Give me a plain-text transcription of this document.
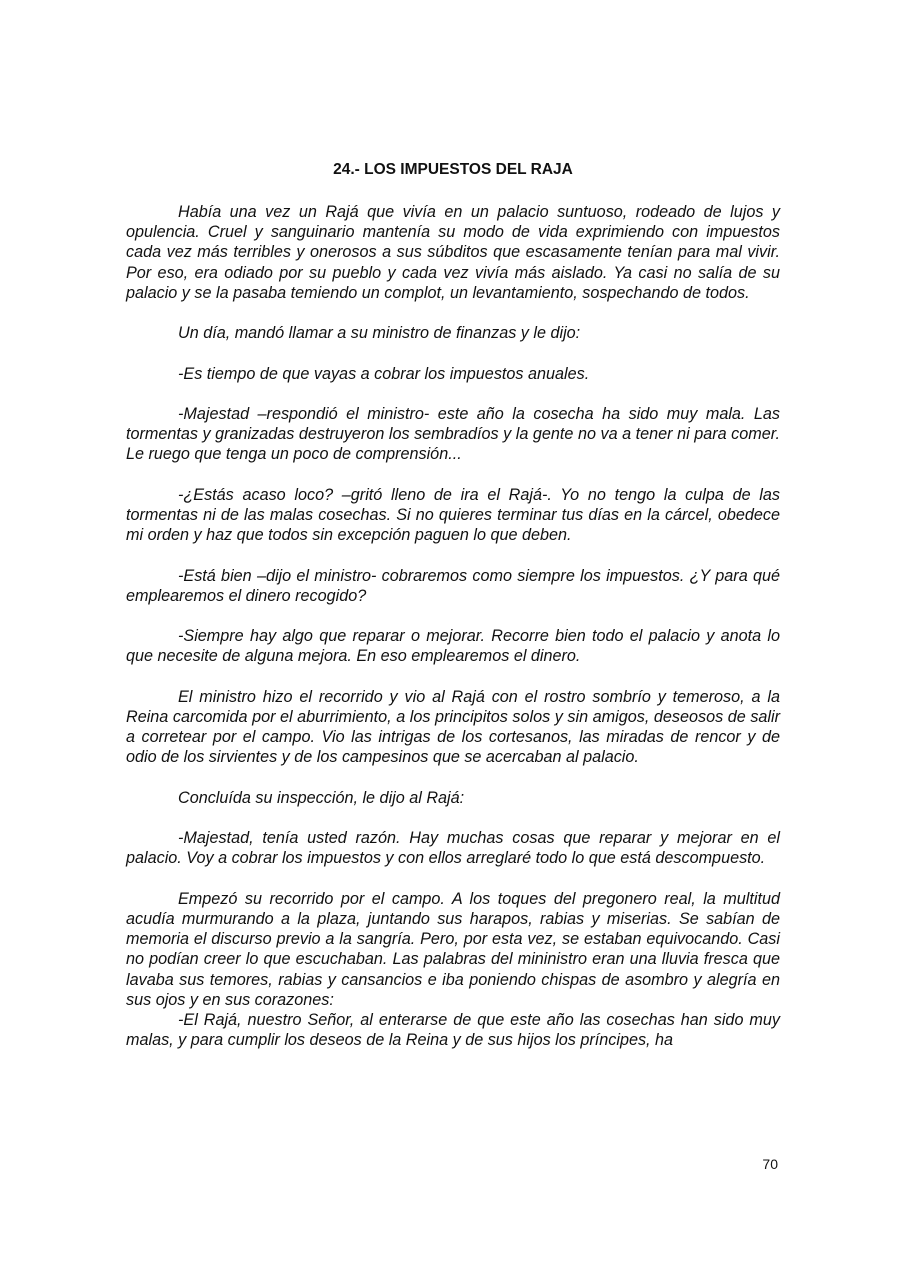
24.- LOS IMPUESTOS DEL RAJA

Había una vez un Rajá que vivía en un palacio suntuoso, rodeado de lujos y opulencia. Cruel y sanguinario mantenía su modo de vida exprimiendo con impuestos cada vez más terribles y onerosos a sus súbditos que escasamente tenían para mal vivir. Por eso, era odiado por su pueblo y cada vez vivía más aislado. Ya casi no salía de su palacio y se la pasaba temiendo un complot, un levantamiento, sospechando de todos.

Un día, mandó llamar a su ministro de finanzas y le dijo:

-Es tiempo de que vayas a cobrar los impuestos anuales.

-Majestad –respondió el ministro- este año la cosecha ha sido muy mala. Las tormentas y granizadas destruyeron los sembradíos y la gente no va a tener ni para comer. Le ruego que tenga un poco de comprensión...

-¿Estás acaso loco? –gritó lleno de ira el Rajá-. Yo no tengo la culpa de las tormentas ni de las malas cosechas. Si no quieres terminar tus días en la cárcel, obedece mi orden y haz que todos sin excepción paguen lo que deben.

-Está bien –dijo el ministro- cobraremos como siempre los impuestos. ¿Y para qué emplearemos el dinero recogido?

-Siempre hay algo que reparar o mejorar. Recorre bien todo el palacio y anota lo que necesite de alguna mejora. En eso emplearemos el dinero.

El ministro hizo el recorrido y vio al Rajá con el rostro sombrío y temeroso, a la Reina carcomida por el aburrimiento, a los principitos solos y sin amigos, deseosos de salir a corretear por el campo. Vio las intrigas de los cortesanos, las miradas de rencor y de odio de los sirvientes y de los campesinos que se acercaban al palacio.

Concluída su inspección, le dijo al Rajá:

-Majestad, tenía usted razón. Hay muchas cosas que reparar y mejorar en el palacio. Voy a cobrar los impuestos y con ellos arreglaré todo lo que está descompuesto.

Empezó su recorrido por el campo. A los toques del pregonero real, la multitud acudía murmurando a la plaza, juntando sus harapos, rabias y miserias. Se sabían de memoria el discurso previo a la sangría. Pero, por esta vez, se estaban equivocando. Casi no podían creer lo que escuchaban. Las palabras del mininistro eran una lluvia fresca que lavaba sus temores, rabias y cansancios e iba poniendo chispas de asombro y alegría en sus ojos y en sus corazones:

-El Rajá, nuestro Señor, al enterarse de que este año las cosechas han sido muy malas, y para cumplir los deseos de la Reina y de sus hijos los príncipes, ha

70
